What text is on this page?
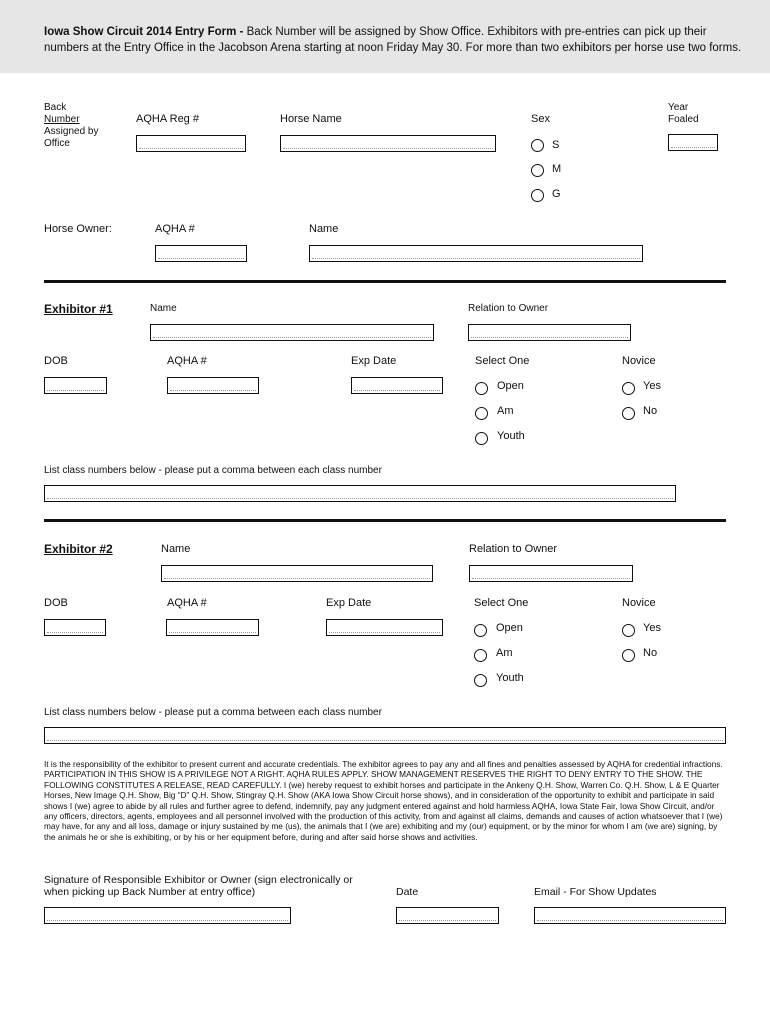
Iowa Show Circuit 2014 Entry Form - Back Number will be assigned by Show Office. Exhibitors with pre-entries can pick up their numbers at the Entry Office in the Jacobson Arena starting at noon Friday May 30. For more than two exhibitors per horse use two forms.
Back
Number
Assigned by
Office
AQHA Reg #	Horse Name	Sex
S
M
G
Year
Foaled
Horse Owner:	AQHA #	Name
Exhibitor #1	Name	Relation to Owner
DOB	AQHA #	Exp Date	Select One
Open
Am
Youth
Novice
Yes
No
List class numbers below - please put a comma between each class number
Exhibitor #2	Name	Relation to Owner
DOB	AQHA #	Exp Date	Select One
Open
Am
Youth
Novice
Yes
No
List class numbers below - please put a comma between each class number
It is the responsibility of the exhibitor to present current and accurate credentials. The exhibitor agrees to pay any and all fines and penalties assessed by AQHA for credential infractions. PARTICIPATION IN THIS SHOW IS A PRIVILEGE NOT A RIGHT. AQHA RULES APPLY. SHOW MANAGEMENT RESERVES THE RIGHT TO DENY ENTRY TO THE SHOW. THE FOLLOWING CONSTITUTES A RELEASE, READ CAREFULLY. I (we) hereby request to exhibit horses and participate in the Ankeny Q.H. Show, Warren Co. Q.H. Show, L & E Quarter Horses, New Image Q.H. Show, Big “D” Q.H. Show, Stingray Q.H. Show (AKA Iowa Show Circuit horse shows), and in consideration of the opportunity to exhibit and participate in said shows I (we) agree to abide by all rules and further agree to defend, indemnify, pay any judgment entered against and hold harmless AQHA, Iowa State Fair, Iowa Show Circuit, and/or any officers, directors, agents, employees and all personnel involved with the production of this activity, from and against all claims, demands and causes of action whatsoever that I (we) may have, for any and all loss, damage or injury sustained by me (us), the animals that I (we are) exhibiting and my (our) equipment, or by the minor for whom I am (we are) signing, by the animals he or she is exhibiting, or by his or her equipment before, during and after said horse shows and activities.
Signature of Responsible Exhibitor or Owner (sign electronically or
when picking up Back Number at entry office)	Date	Email - For Show Updates
